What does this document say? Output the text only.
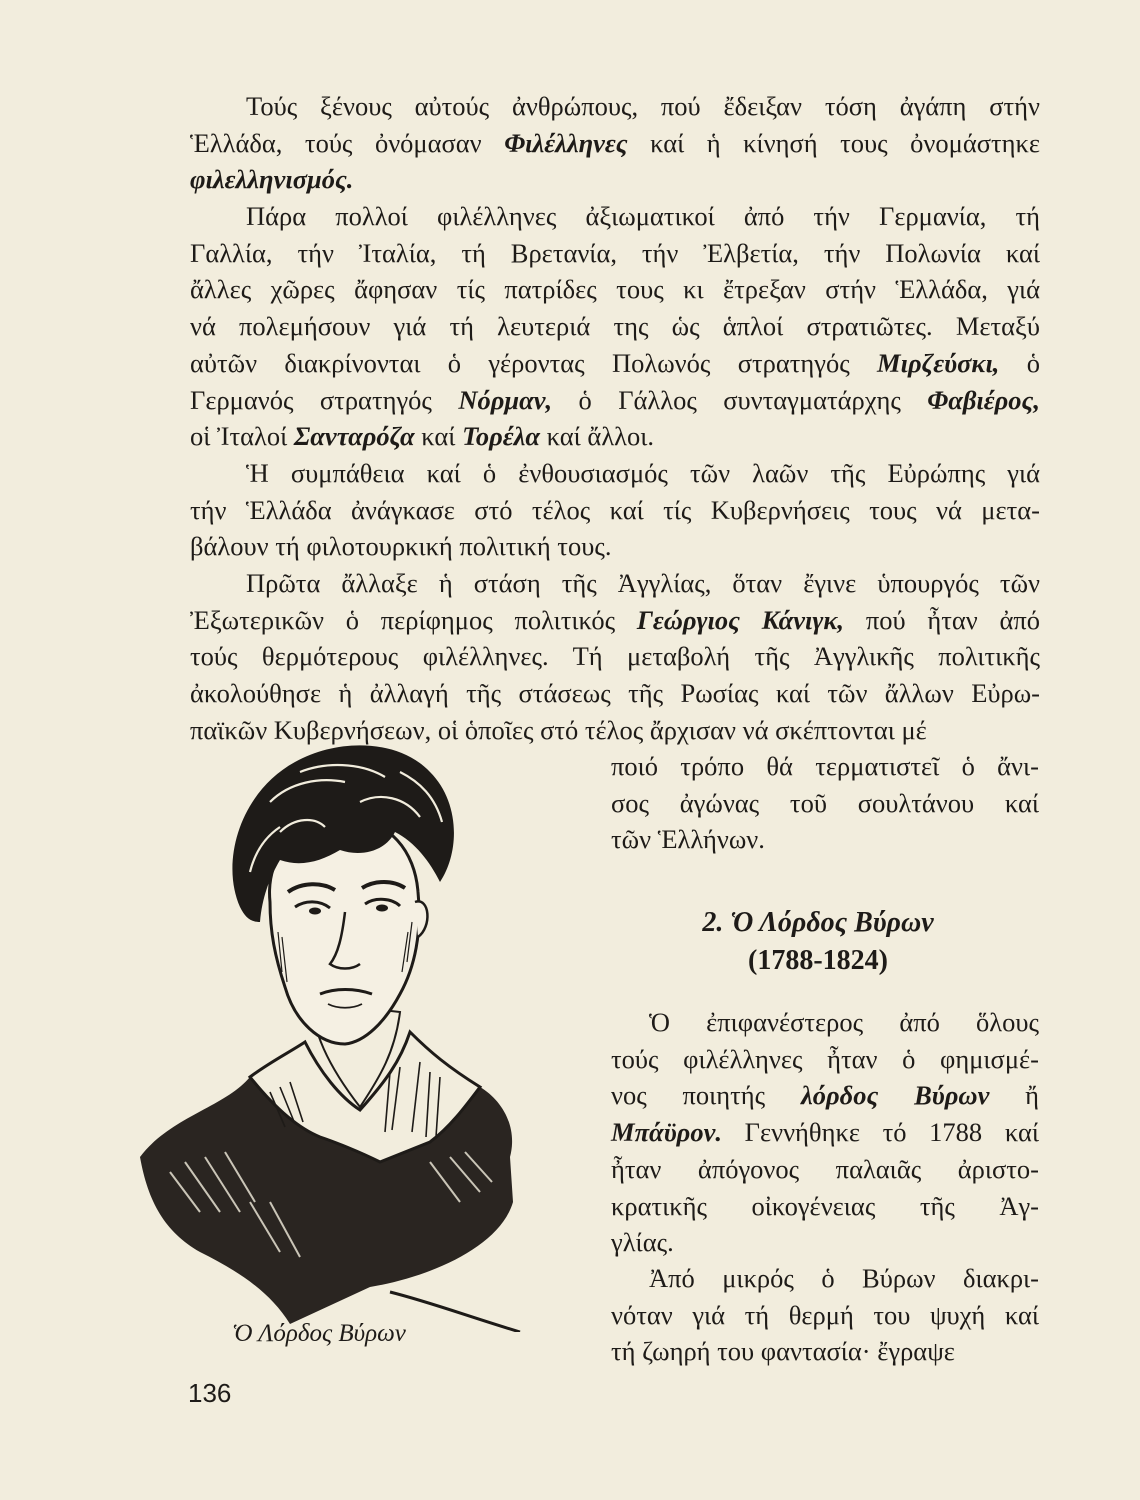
Τούς ξένους αὐτούς ἀνθρώπους, πού ἔδειξαν τόση ἀγάπη στήν
Ἑλλάδα, τούς ὀνόμασαν Φιλέλληνες καί ἡ κίνησή τους ὀνομάστηκε
φιλελληνισμός.
Πάρα πολλοί φιλέλληνες ἀξιωματικοί ἀπό τήν Γερμανία, τή
Γαλλία, τήν Ἰταλία, τή Βρετανία, τήν Ἐλβετία, τήν Πολωνία καί
ἄλλες χῶρες ἄφησαν τίς πατρίδες τους κι ἔτρεξαν στήν Ἑλλάδα, γιά
νά πολεμήσουν γιά τή λευτεριά της ὡς ἁπλοί στρατιῶτες. Μεταξύ
αὐτῶν διακρίνονται ὁ γέροντας Πολωνός στρατηγός Μιρζεύσκι, ὁ
Γερμανός στρατηγός Νόρμαν, ὁ Γάλλος συνταγματάρχης Φαβιέρος,
οἱ Ἰταλοί Σανταρόζα καί Τορέλα καί ἄλλοι.
Ἡ συμπάθεια καί ὁ ἐνθουσιασμός τῶν λαῶν τῆς Εὐρώπης γιά
τήν Ἑλλάδα ἀνάγκασε στό τέλος καί τίς Κυβερνήσεις τους νά μετα-
βάλουν τή φιλοτουρκική πολιτική τους.
Πρῶτα ἄλλαξε ἡ στάση τῆς Ἀγγλίας, ὅταν ἔγινε ὑπουργός τῶν
Ἐξωτερικῶν ὁ περίφημος πολιτικός Γεώργιος Κάνιγκ, πού ἦταν ἀπό
τούς θερμότερους φιλέλληνες. Τή μεταβολή τῆς Ἀγγλικῆς πολιτικῆς
ἀκολούθησε ἡ ἀλλαγή τῆς στάσεως τῆς Ρωσίας καί τῶν ἄλλων Εὐρω-
παϊκῶν Κυβερνήσεων, οἱ ὁποῖες στό τέλος ἄρχισαν νά σκέπτονται μέ
ποιό τρόπο θά τερματιστεῖ ὁ ἄνι-
σος ἀγώνας τοῦ σουλτάνου καί
τῶν Ἑλλήνων.
2. Ὁ Λόρδος Βύρων
(1788-1824)
Ὁ ἐπιφανέστερος ἀπό ὅλους
τούς φιλέλληνες ἦταν ὁ φημισμέ-
νος ποιητής λόρδος Βύρων ἤ
Μπάϋρον. Γεννήθηκε τό 1788 καί
ἦταν ἀπόγονος παλαιᾶς ἀριστο-
κρατικῆς οἰκογένειας τῆς Ἀγ-
γλίας.
Ἀπό μικρός ὁ Βύρων διακρι-
νόταν γιά τή θερμή του ψυχή καί
τή ζωηρή του φαντασία· ἔγραψε
Ὁ Λόρδος Βύρων
136
